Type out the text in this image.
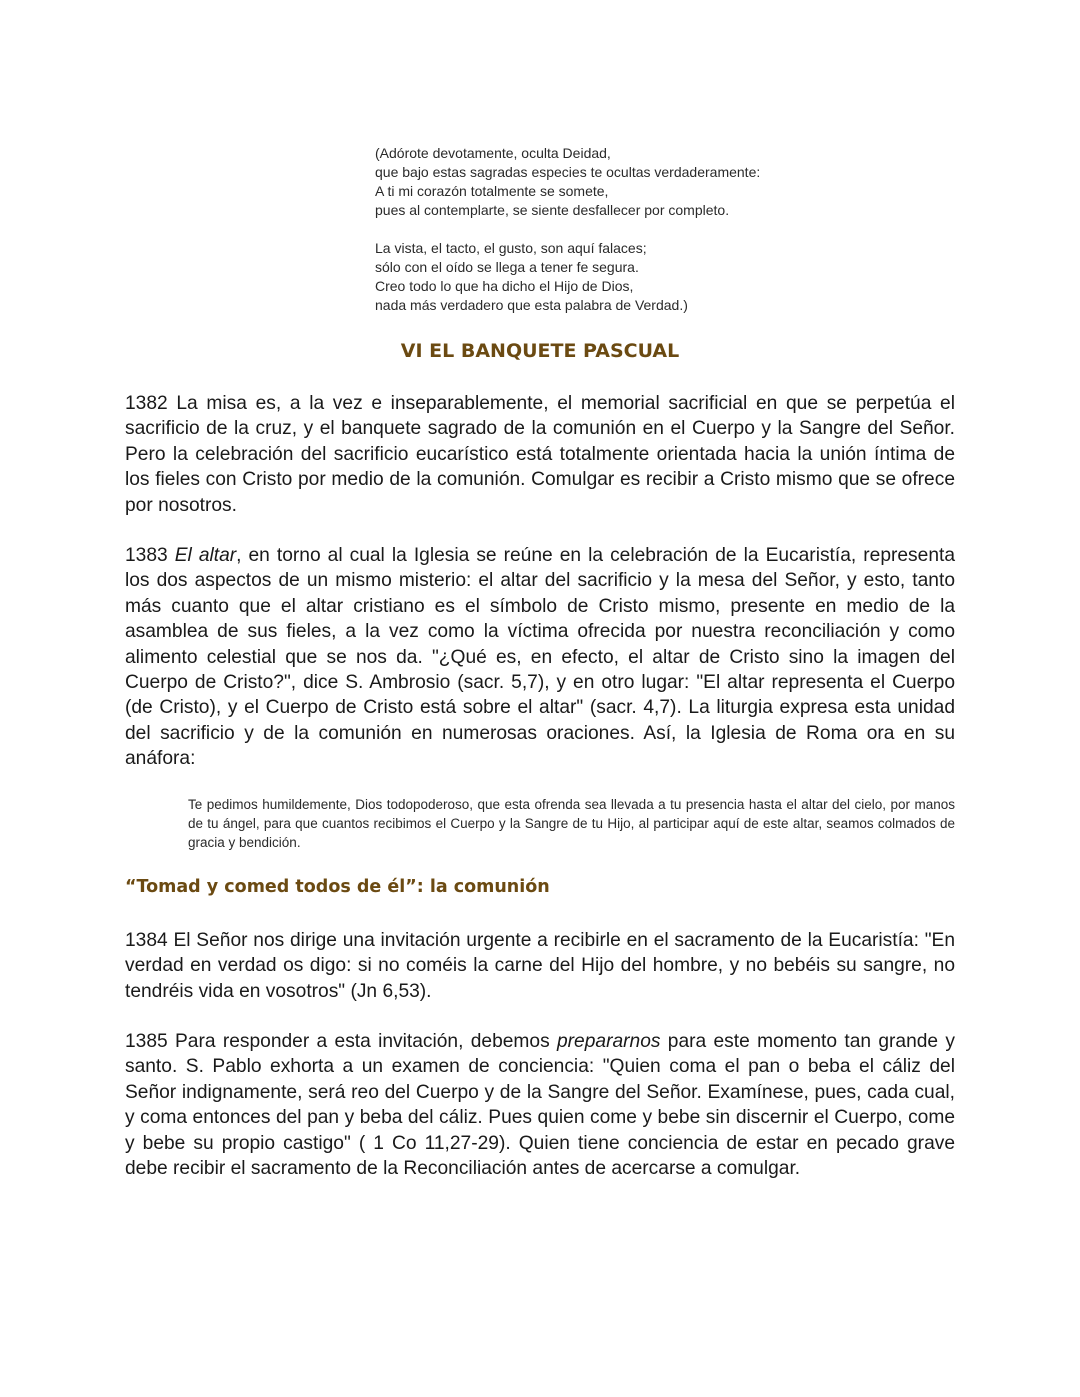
(Adórote devotamente, oculta Deidad,
que bajo estas sagradas especies te ocultas verdaderamente:
A ti mi corazón totalmente se somete,
pues al contemplarte, se siente desfallecer por completo.
La vista, el tacto, el gusto, son aquí falaces;
sólo con el oído se llega a tener fe segura.
Creo todo lo que ha dicho el Hijo de Dios,
nada más verdadero que esta palabra de Verdad.)
VI EL BANQUETE PASCUAL

1382 La misa es, a la vez e inseparablemente, el memorial sacrificial en que se perpetúa el sacrificio de la cruz, y el banquete sagrado de la comunión en el Cuerpo y la Sangre del Señor. Pero la celebración del sacrificio eucarístico está totalmente orientada hacia la unión íntima de los fieles con Cristo por medio de la comunión. Comulgar es recibir a Cristo mismo que se ofrece por nosotros.

1383 El altar, en torno al cual la Iglesia se reúne en la celebración de la Eucaristía, representa los dos aspectos de un mismo misterio: el altar del sacrificio y la mesa del Señor, y esto, tanto más cuanto que el altar cristiano es el símbolo de Cristo mismo, presente en medio de la asamblea de sus fieles, a la vez como la víctima ofrecida por nuestra reconciliación y como alimento celestial que se nos da. "¿Qué es, en efecto, el altar de Cristo sino la imagen del Cuerpo de Cristo?", dice S. Ambrosio (sacr. 5,7), y en otro lugar: "El altar representa el Cuerpo (de Cristo), y el Cuerpo de Cristo está sobre el altar" (sacr. 4,7). La liturgia expresa esta unidad del sacrificio y de la comunión en numerosas oraciones. Así, la Iglesia de Roma ora en su anáfora:

Te pedimos humildemente, Dios todopoderoso, que esta ofrenda sea llevada a tu presencia hasta el altar del cielo, por manos de tu ángel, para que cuantos recibimos el Cuerpo y la Sangre de tu Hijo, al participar aquí de este altar, seamos colmados de gracia y bendición.

“Tomad y comed todos de él”: la comunión

1384 El Señor nos dirige una invitación urgente a recibirle en el sacramento de la Eucaristía: "En verdad en verdad os digo: si no coméis la carne del Hijo del hombre, y no bebéis su sangre, no tendréis vida en vosotros" (Jn 6,53).

1385 Para responder a esta invitación, debemos prepararnos para este momento tan grande y santo. S. Pablo exhorta a un examen de conciencia: "Quien coma el pan o beba el cáliz del Señor indignamente, será reo del Cuerpo y de la Sangre del Señor. Examínese, pues, cada cual, y coma entonces del pan y beba del cáliz. Pues quien come y bebe sin discernir el Cuerpo, come y bebe su propio castigo" ( 1 Co 11,27-29). Quien tiene conciencia de estar en pecado grave debe recibir el sacramento de la Reconciliación antes de acercarse a comulgar.
